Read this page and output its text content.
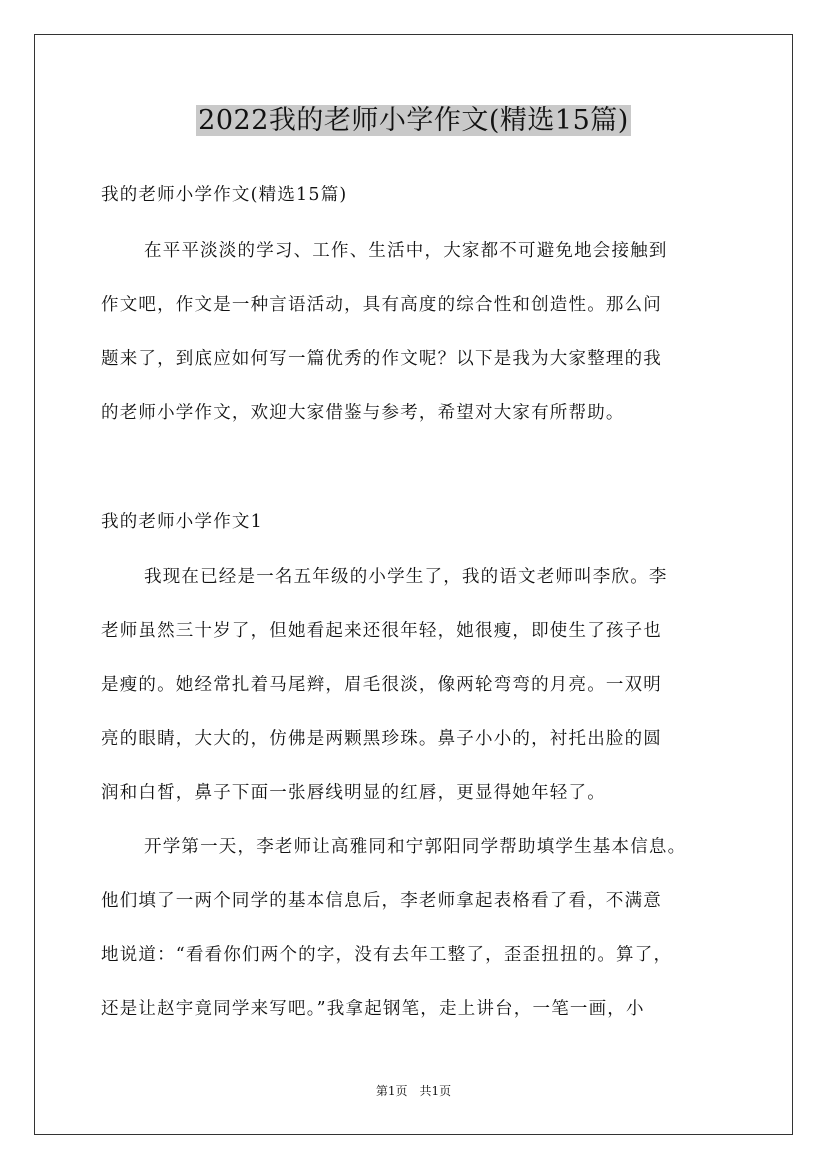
2022我的老师小学作文(精选15篇)
我的老师小学作文(精选15篇)
在平平淡淡的学习、工作、生活中，大家都不可避免地会接触到
作文吧，作文是一种言语活动，具有高度的综合性和创造性。那么问
题来了，到底应如何写一篇优秀的作文呢？以下是我为大家整理的我
的老师小学作文，欢迎大家借鉴与参考，希望对大家有所帮助。
我的老师小学作文1
我现在已经是一名五年级的小学生了，我的语文老师叫李欣。李
老师虽然三十岁了，但她看起来还很年轻，她很瘦，即使生了孩子也
是瘦的。她经常扎着马尾辫，眉毛很淡，像两轮弯弯的月亮。一双明
亮的眼睛，大大的，仿佛是两颗黑珍珠。鼻子小小的，衬托出脸的圆
润和白皙，鼻子下面一张唇线明显的红唇，更显得她年轻了。
开学第一天，李老师让高雅同和宁郭阳同学帮助填学生基本信息。
他们填了一两个同学的基本信息后，李老师拿起表格看了看，不满意
地说道：“看看你们两个的字，没有去年工整了，歪歪扭扭的。算了，
还是让赵宇竟同学来写吧。”我拿起钢笔，走上讲台，一笔一画，小
第1页　共1页
